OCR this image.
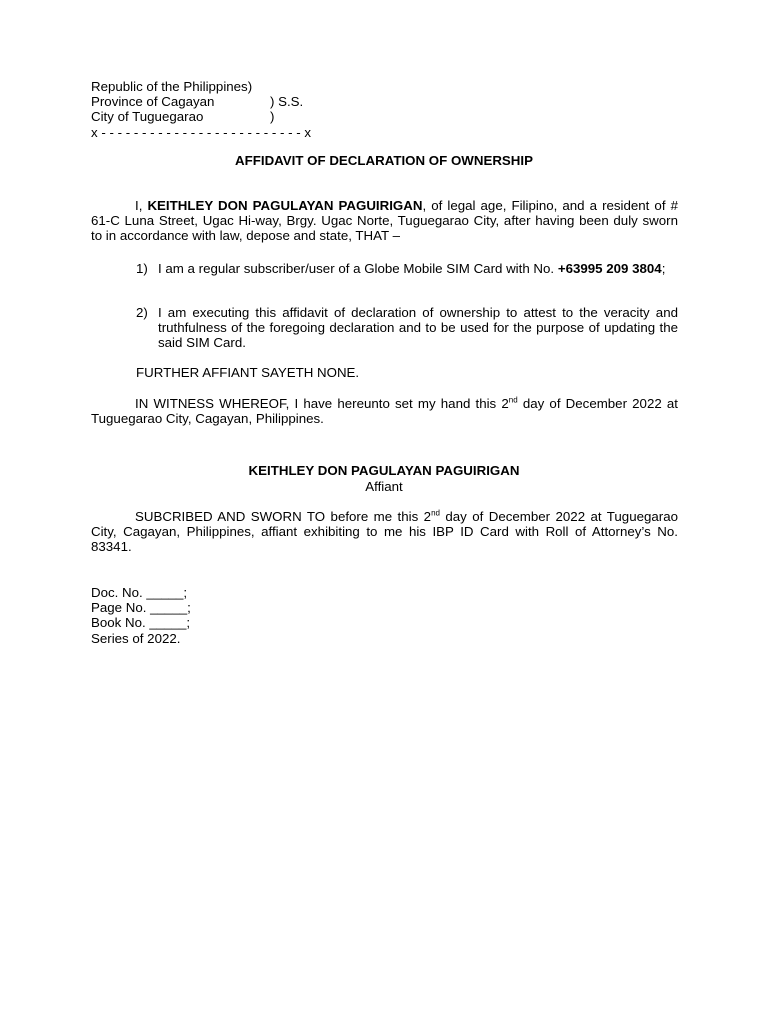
Republic of the Philippines)
Province of Cagayan	) S.S.
City of Tuguegarao	)
x - - - - - - - - - - - - - - - - - - - - - - - - - x
AFFIDAVIT OF DECLARATION OF OWNERSHIP
I, KEITHLEY DON PAGULAYAN PAGUIRIGAN, of legal age, Filipino, and a resident of # 61-C Luna Street, Ugac Hi-way, Brgy. Ugac Norte, Tuguegarao City, after having been duly sworn to in accordance with law, depose and state, THAT –
1) I am a regular subscriber/user of a Globe Mobile SIM Card with No. +63995 209 3804;
2) I am executing this affidavit of declaration of ownership to attest to the veracity and truthfulness of the foregoing declaration and to be used for the purpose of updating the said SIM Card.
FURTHER AFFIANT SAYETH NONE.
IN WITNESS WHEREOF, I have hereunto set my hand this 2nd day of December 2022 at Tuguegarao City, Cagayan, Philippines.
KEITHLEY DON PAGULAYAN PAGUIRIGAN
Affiant
SUBCRIBED AND SWORN TO before me this 2nd day of December 2022 at Tuguegarao City, Cagayan, Philippines, affiant exhibiting to me his IBP ID Card with Roll of Attorney’s No. 83341.
Doc. No. _____;
Page No. _____;
Book No. _____;
Series of 2022.
